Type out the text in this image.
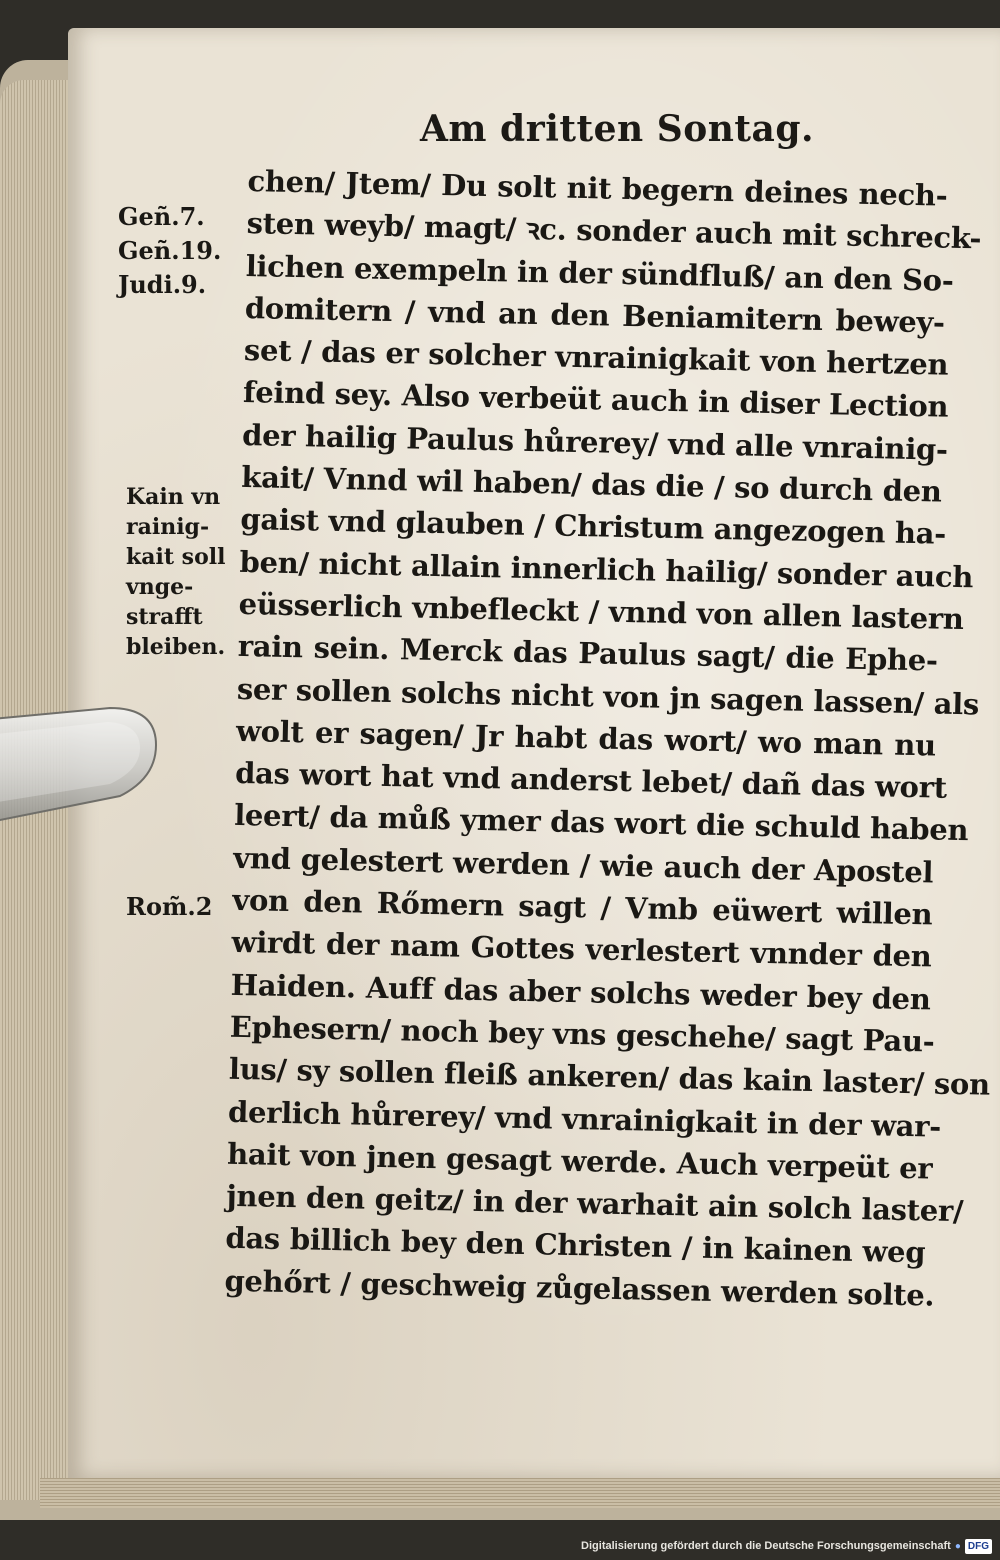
Am dritten Sontag.
Geñ.7.
Geñ.19.
Judi.9.
Kain vn
rainig-
kait soll
vnge-
strafft
bleiben.
Rom̃.2
chen/ Jtem/ Du solt nit begern deines nech-
sten weyb/ magt/ ꝛc. sonder auch mit schreck-
lichen exempeln in der sündfluß/ an den So-
domitern / vnd an den Beniamitern bewey-
set / das er solcher vnrainigkait von hertzen
feind sey. Also verbeüt auch in diser Lection
der hailig Paulus hůrerey/ vnd alle vnrainig-
kait/ Vnnd wil haben/ das die / so durch den
gaist vnd glauben / Christum angezogen ha-
ben/ nicht allain innerlich hailig/ sonder auch
eüsserlich vnbefleckt / vnnd von allen lastern
rain sein. Merck das Paulus sagt/ die Ephe-
ser sollen solchs nicht von jn sagen lassen/ als
wolt er sagen/ Jr habt das wort/ wo man nu
das wort hat vnd anderst lebet/ dañ das wort
leert/ da můß ymer das wort die schuld haben
vnd gelestert werden / wie auch der Apostel
von den Rőmern sagt / Vmb eüwert willen
wirdt der nam Gottes verlestert vnnder den
Haiden. Auff das aber solchs weder bey den
Ephesern/ noch bey vns geschehe/ sagt Pau-
lus/ sy sollen fleiß ankeren/ das kain laster/ son
derlich hůrerey/ vnd vnrainigkait in der war-
hait von jnen gesagt werde. Auch verpeüt er
jnen den geitz/ in der warhait ain solch laster/
das billich bey den Christen / in kainen weg
gehőrt / geschweig zůgelassen werden solte.
Digitalisierung gefördert durch die Deutsche Forschungsgemeinschaft ● DFG
